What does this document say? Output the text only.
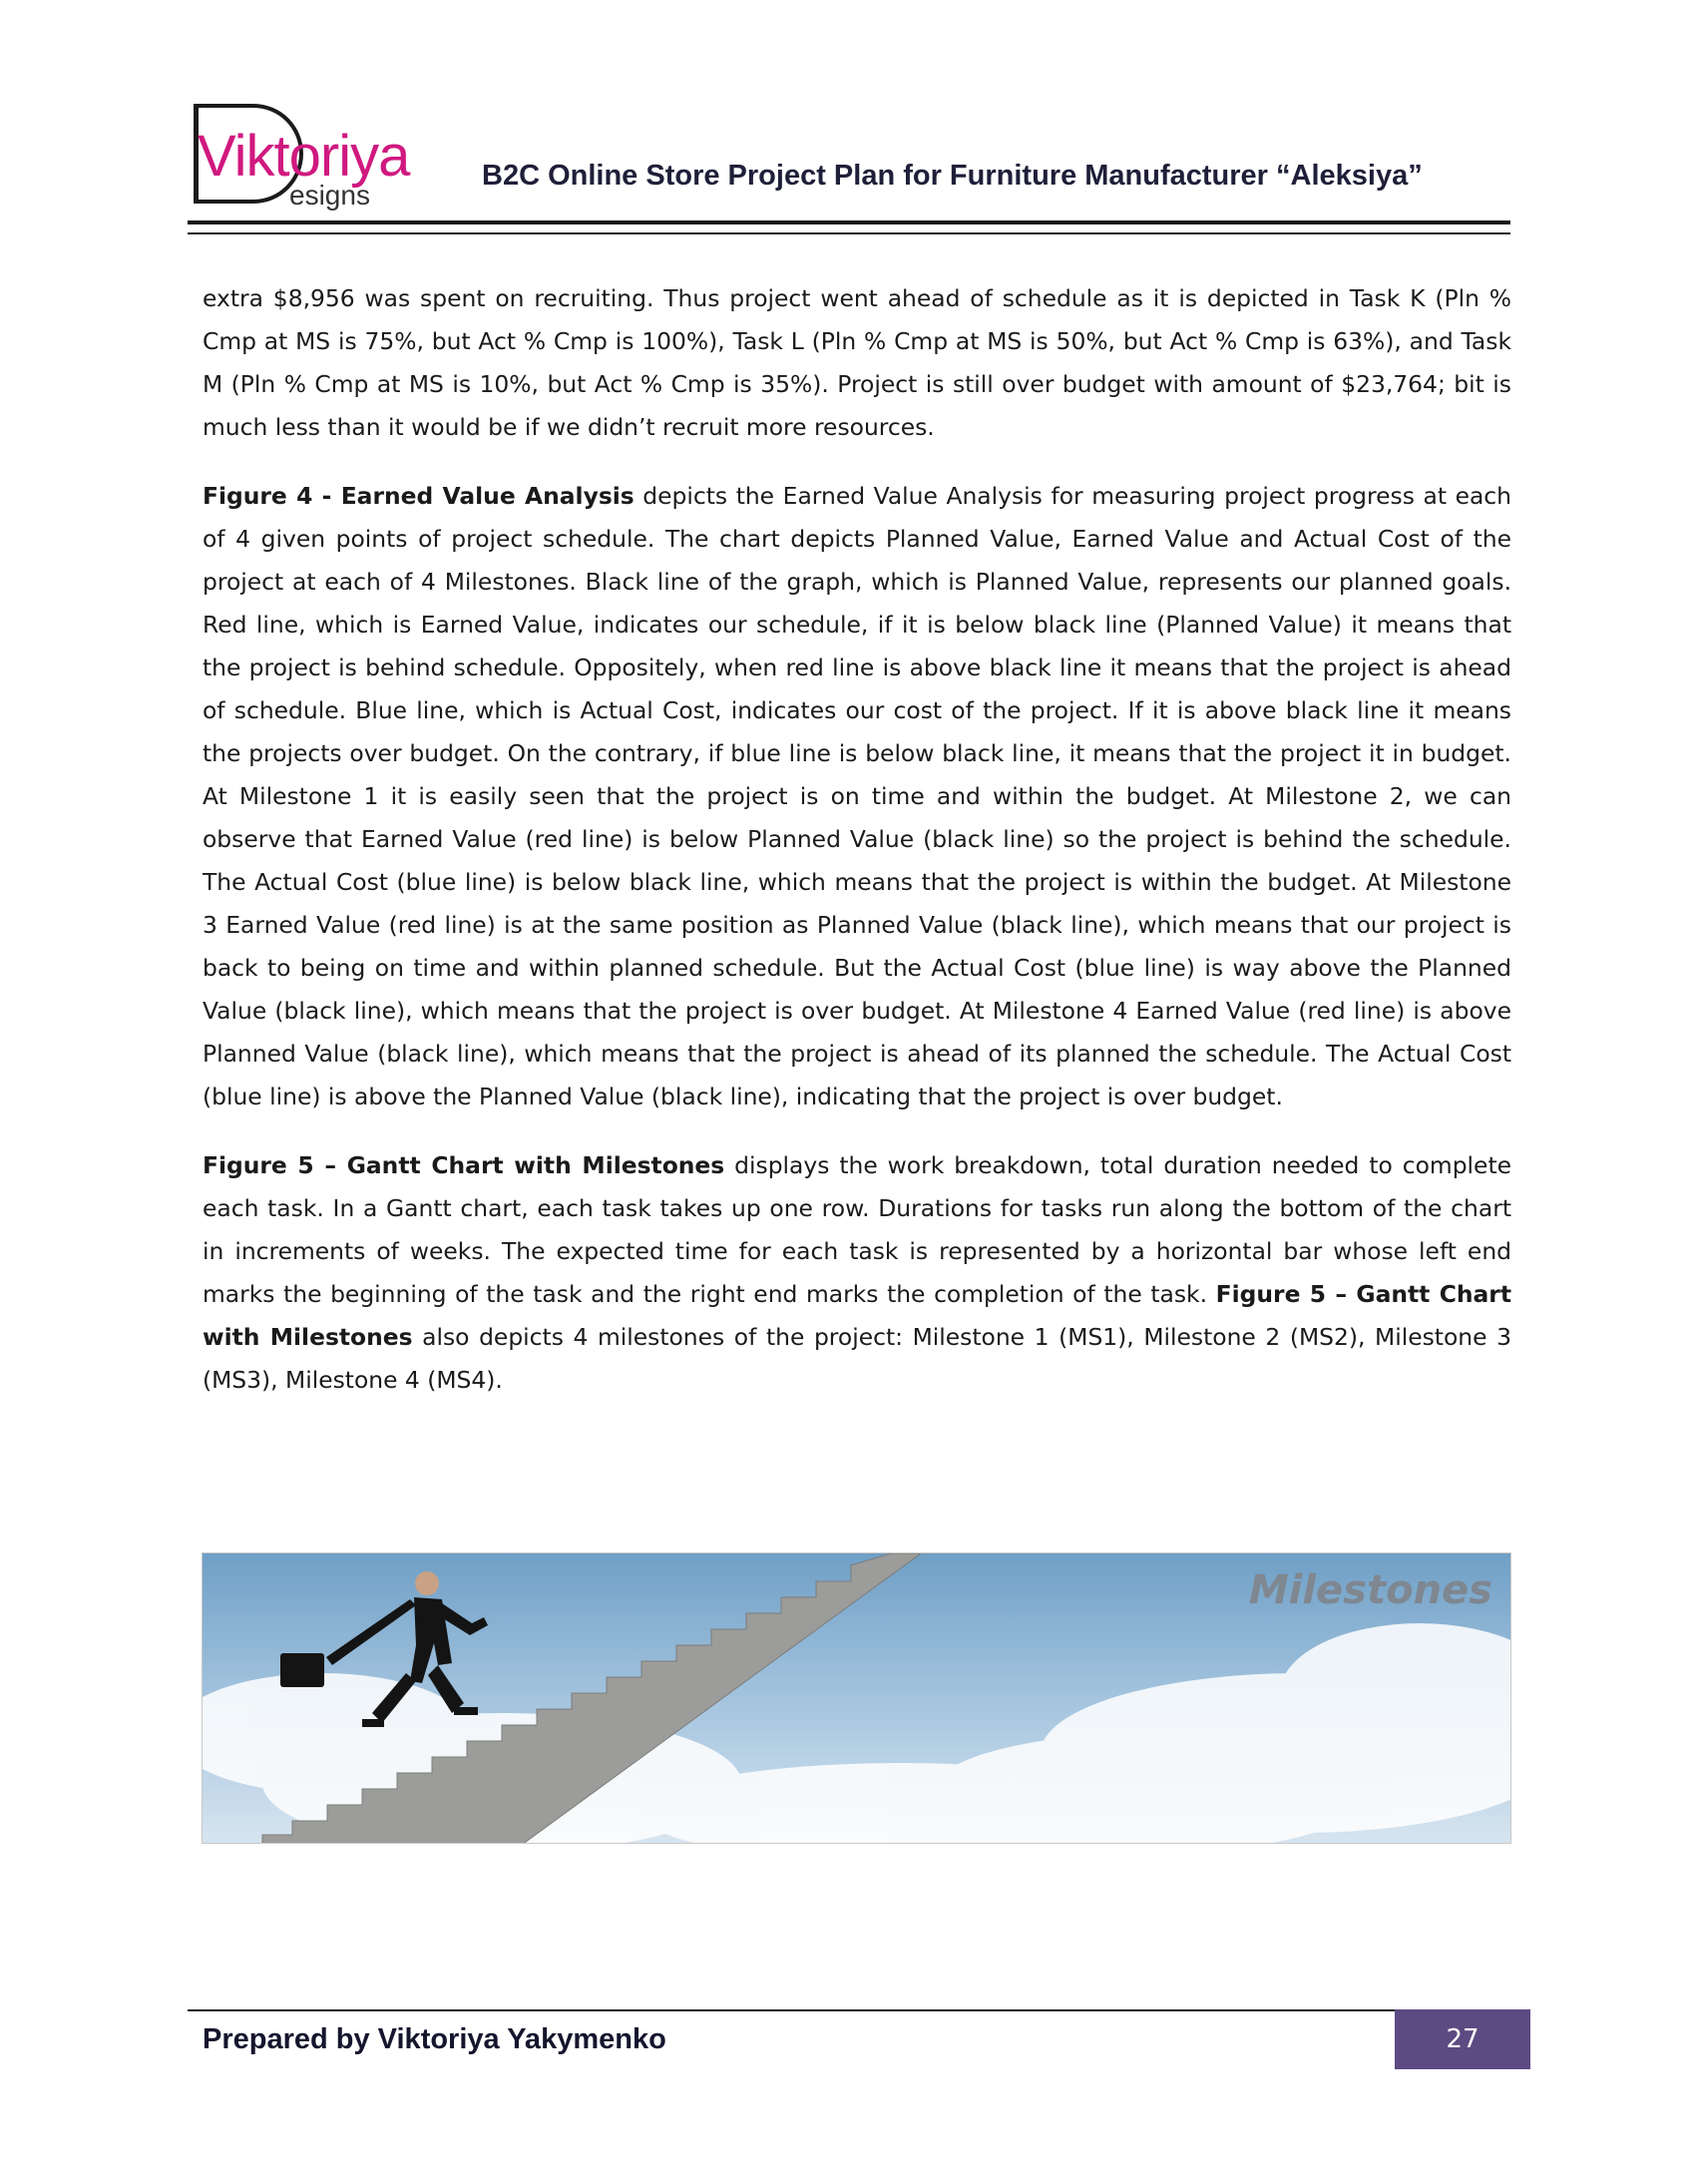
Viktoriya
esigns
B2C Online Store Project Plan for Furniture Manufacturer “Aleksiya”

extra $8,956 was spent on recruiting. Thus project went ahead of schedule as it is depicted in Task K (Pln % Cmp at MS is 75%, but Act % Cmp is 100%), Task L (Pln % Cmp at MS is 50%, but Act % Cmp is 63%), and Task M (Pln % Cmp at MS is 10%, but Act % Cmp is 35%). Project is still over budget with amount of $23,764; bit is much less than it would be if we didn’t recruit more resources.

Figure 4 - Earned Value Analysis depicts the Earned Value Analysis for measuring project progress at each of 4 given points of project schedule. The chart depicts Planned Value, Earned Value and Actual Cost of the project at each of 4 Milestones. Black line of the graph, which is Planned Value, represents our planned goals. Red line, which is Earned Value, indicates our schedule, if it is below black line (Planned Value) it means that the project is behind schedule. Oppositely, when red line is above black line it means that the project is ahead of schedule. Blue line, which is Actual Cost, indicates our cost of the project. If it is above black line it means the projects over budget. On the contrary, if blue line is below black line, it means that the project it in budget. At Milestone 1 it is easily seen that the project is on time and within the budget. At Milestone 2, we can observe that Earned Value (red line) is below Planned Value (black line) so the project is behind the schedule. The Actual Cost (blue line) is below black line, which means that the project is within the budget. At Milestone 3 Earned Value (red line) is at the same position as Planned Value (black line), which means that our project is back to being on time and within planned schedule. But the Actual Cost (blue line) is way above the Planned Value (black line), which means that the project is over budget. At Milestone 4 Earned Value (red line) is above Planned Value (black line), which means that the project is ahead of its planned the schedule. The Actual Cost (blue line) is above the Planned Value (black line), indicating that the project is over budget.

Figure 5 – Gantt Chart with Milestones displays the work breakdown, total duration needed to complete each task. In a Gantt chart, each task takes up one row. Durations for tasks run along the bottom of the chart in increments of weeks. The expected time for each task is represented by a horizontal bar whose left end marks the beginning of the task and the right end marks the completion of the task. Figure 5 – Gantt Chart with Milestones also depicts 4 milestones of the project: Milestone 1 (MS1), Milestone 2 (MS2), Milestone 3 (MS3), Milestone 4 (MS4).

Milestones
Prepared by Viktoriya Yakymenko	27
